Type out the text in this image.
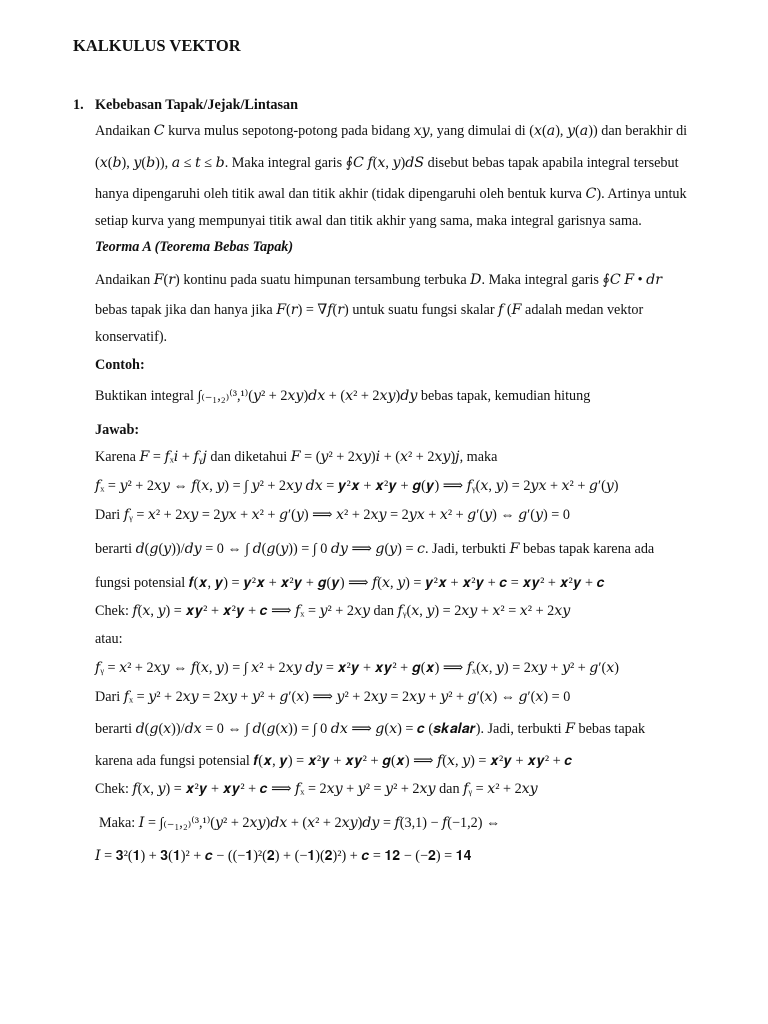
KALKULUS VEKTOR
1. Kebebasan Tapak/Jejak/Lintasan
Andaikan 𝐶 kurva mulus sepotong-potong pada bidang 𝑥𝑦, yang dimulai di (𝑥(𝑎), 𝑦(𝑎)) dan berakhir di
(𝑥(𝑏), 𝑦(𝑏)), 𝑎 ≤ 𝑡 ≤ 𝑏. Maka integral garis ∮𝐶 𝑓(𝑥, 𝑦)𝑑𝑆 disebut bebas tapak apabila integral tersebut
hanya dipengaruhi oleh titik awal dan titik akhir (tidak dipengaruhi oleh bentuk kurva 𝐶). Artinya untuk
setiap kurva yang mempunyai titik awal dan titik akhir yang sama, maka integral garisnya sama.
Teorma A (Teorema Bebas Tapak)
Andaikan 𝐹(𝑟) kontinu pada suatu himpunan tersambung terbuka 𝐷. Maka integral garis ∮𝐶 𝐹 • 𝑑𝑟
bebas tapak jika dan hanya jika 𝐹(𝑟) = ∇𝑓(𝑟) untuk suatu fungsi skalar 𝑓 (𝐹 adalah medan vektor
konservatif).
Contoh:
Buktikan integral ∫₍₋₁,₂₎⁽³,¹⁾(𝑦² + 2𝑥𝑦)𝑑𝑥 + (𝑥² + 2𝑥𝑦)𝑑𝑦 bebas tapak, kemudian hitung
Jawab:
Karena 𝐹 = 𝑓ₓ𝑖 + 𝑓ᵧ𝑗 dan diketahui 𝐹 = (𝑦² + 2𝑥𝑦)𝑖 + (𝑥² + 2𝑥𝑦)𝑗, maka
𝑓ₓ = 𝑦² + 2𝑥𝑦 ⇔ 𝑓(𝑥, 𝑦) = ∫ 𝑦² + 2𝑥𝑦 𝑑𝑥 = 𝒚²𝒙 + 𝒙²𝒚 + 𝒈(𝒚) ⟹ 𝑓ᵧ(𝑥, 𝑦) = 2𝑦𝑥 + 𝑥² + 𝑔′(𝑦)
Dari 𝑓ᵧ = 𝑥² + 2𝑥𝑦 = 2𝑦𝑥 + 𝑥² + 𝑔′(𝑦) ⟹ 𝑥² + 2𝑥𝑦 = 2𝑦𝑥 + 𝑥² + 𝑔′(𝑦) ⇔ 𝑔′(𝑦) = 0
berarti 𝑑(𝑔(𝑦))/𝑑𝑦 = 0 ⇔ ∫ 𝑑(𝑔(𝑦)) = ∫ 0 𝑑𝑦 ⟹ 𝑔(𝑦) = 𝑐. Jadi, terbukti 𝐹 bebas tapak karena ada
fungsi potensial 𝒇(𝒙, 𝒚) = 𝒚²𝒙 + 𝒙²𝒚 + 𝒈(𝒚) ⟹ 𝑓(𝑥, 𝑦) = 𝒚²𝒙 + 𝒙²𝒚 + 𝒄 = 𝒙𝒚² + 𝒙²𝒚 + 𝒄
Chek: 𝑓(𝑥, 𝑦) = 𝒙𝒚² + 𝒙²𝒚 + 𝒄 ⟹ 𝑓ₓ = 𝑦² + 2𝑥𝑦 dan 𝑓ᵧ(𝑥, 𝑦) = 2𝑥𝑦 + 𝑥² = 𝑥² + 2𝑥𝑦
atau:
𝑓ᵧ = 𝑥² + 2𝑥𝑦 ⇔ 𝑓(𝑥, 𝑦) = ∫ 𝑥² + 2𝑥𝑦 𝑑𝑦 = 𝒙²𝒚 + 𝒙𝒚² + 𝒈(𝒙) ⟹ 𝑓ₓ(𝑥, 𝑦) = 2𝑥𝑦 + 𝑦² + 𝑔′(𝑥)
Dari 𝑓ₓ = 𝑦² + 2𝑥𝑦 = 2𝑥𝑦 + 𝑦² + 𝑔′(𝑥) ⟹ 𝑦² + 2𝑥𝑦 = 2𝑥𝑦 + 𝑦² + 𝑔′(𝑥) ⇔ 𝑔′(𝑥) = 0
berarti 𝑑(𝑔(𝑥))/𝑑𝑥 = 0 ⇔ ∫ 𝑑(𝑔(𝑥)) = ∫ 0 𝑑𝑥 ⟹ 𝑔(𝑥) = 𝒄 (𝒔𝒌𝒂𝒍𝒂𝒓). Jadi, terbukti 𝐹 bebas tapak
karena ada fungsi potensial 𝒇(𝒙, 𝒚) = 𝒙²𝒚 + 𝒙𝒚² + 𝒈(𝒙) ⟹ 𝑓(𝑥, 𝑦) = 𝒙²𝒚 + 𝒙𝒚² + 𝒄
Chek: 𝑓(𝑥, 𝑦) = 𝒙²𝒚 + 𝒙𝒚² + 𝒄 ⟹ 𝑓ₓ = 2𝑥𝑦 + 𝑦² = 𝑦² + 2𝑥𝑦 dan 𝑓ᵧ = 𝑥² + 2𝑥𝑦
Maka: 𝐼 = ∫₍₋₁,₂₎⁽³,¹⁾(𝑦² + 2𝑥𝑦)𝑑𝑥 + (𝑥² + 2𝑥𝑦)𝑑𝑦 = 𝑓(3,1) − 𝑓(−1,2) ⇔
𝐼 = 𝟑²(𝟏) + 𝟑(𝟏)² + 𝒄 − ((−𝟏)²(𝟐) + (−𝟏)(𝟐)²) + 𝒄 = 𝟏𝟐 − (−𝟐) = 𝟏𝟒
